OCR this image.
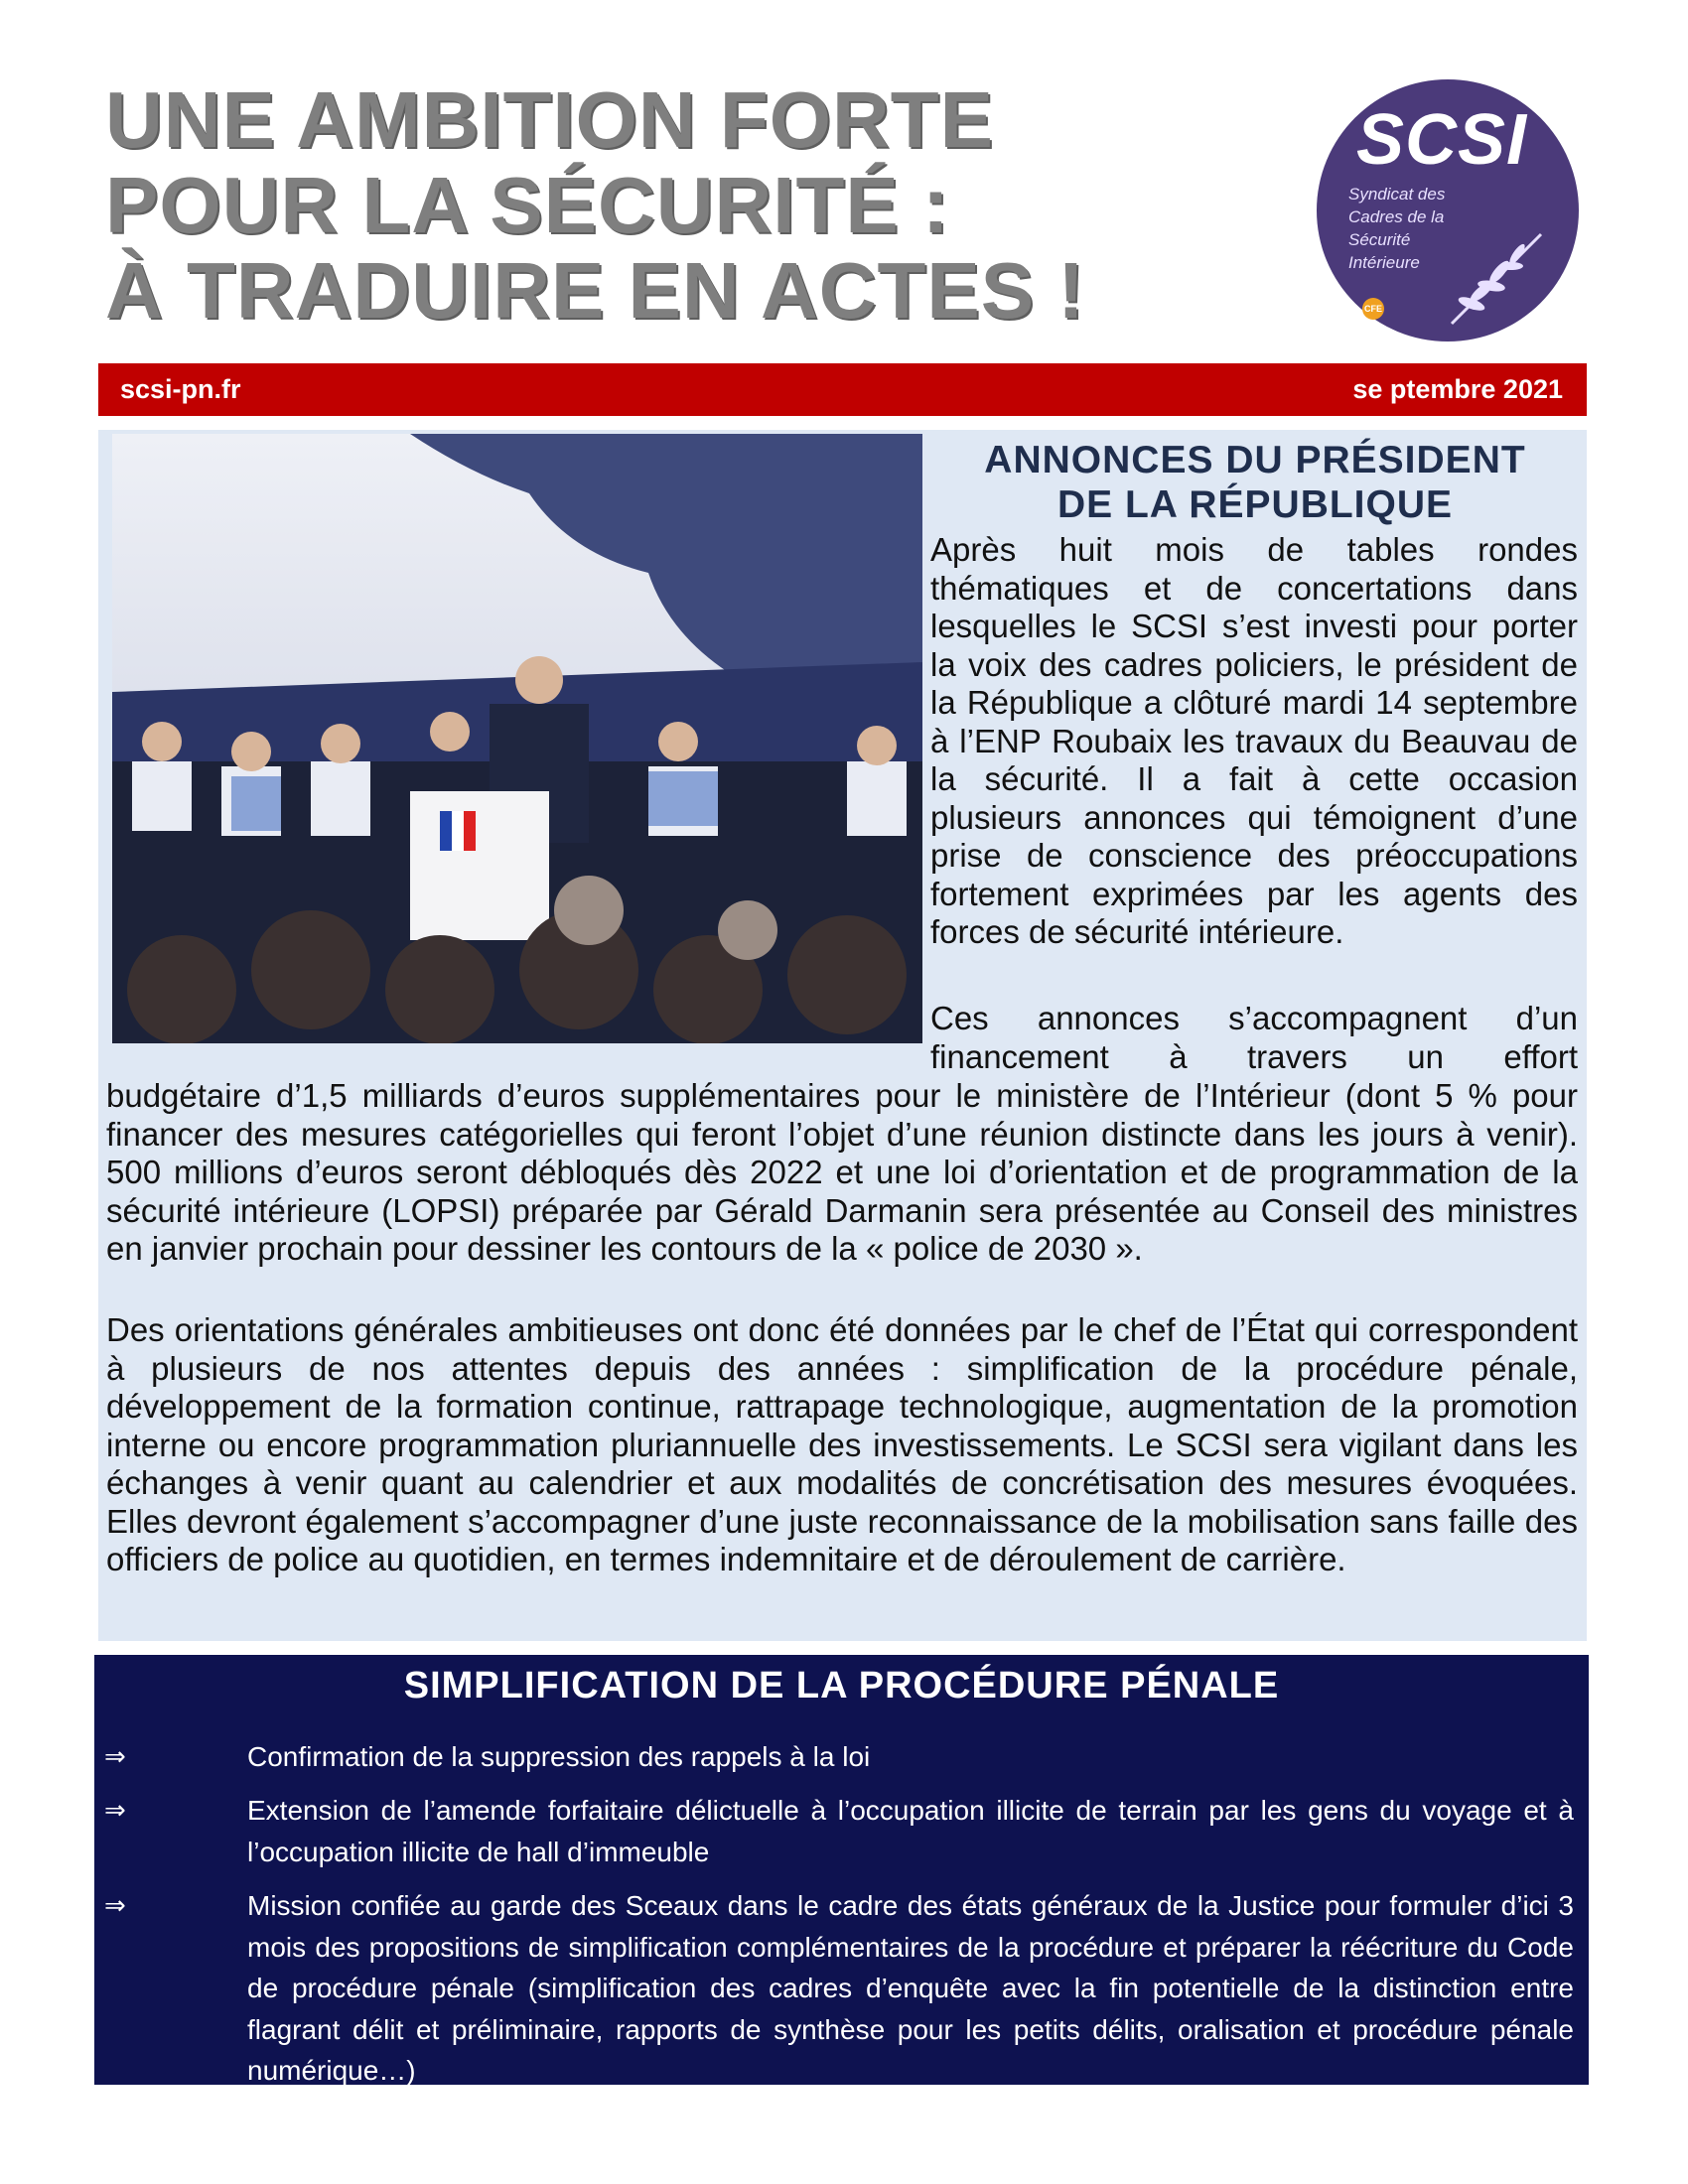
UNE AMBITION FORTE
POUR LA SÉCURITÉ :
À TRADUIRE EN ACTES !
SCSI
Syndicat des
Cadres de la
Sécurité
Intérieure
CFE
scsi-pn.fr	se ptembre 2021
ANNONCES DU PRÉSIDENT
DE LA RÉPUBLIQUE
Après huit mois de tables rondes thématiques et de concertations dans lesquelles le SCSI s’est investi pour porter la voix des cadres policiers, le président de la République a clôturé mardi 14 septembre à l’ENP Roubaix les travaux du Beauvau de la sécurité. Il a fait à cette occasion plusieurs annonces qui témoignent d’une prise de conscience des préoccupations fortement exprimées par les agents des forces de sécurité intérieure.
Ces annonces s’accompagnent d’un financement à travers un effort
budgétaire d’1,5 milliards d’euros supplémentaires pour le ministère de l’Intérieur (dont 5 % pour financer des mesures catégorielles qui feront l’objet d’une réunion distincte dans les jours à venir). 500 millions d’euros seront débloqués dès 2022 et une loi d’orientation et de programmation de la sécurité intérieure (LOPSI) préparée par Gérald Darmanin sera présentée au Conseil des ministres en janvier prochain pour dessiner les contours de la « police de 2030 ».
Des orientations générales ambitieuses ont donc été données par le chef de l’État qui correspondent à plusieurs de nos attentes depuis des années : simplification de la procédure pénale, développement de la formation continue, rattrapage technologique, augmentation de la promotion interne ou encore programmation pluriannuelle des investissements. Le SCSI sera vigilant dans les échanges à venir quant au calendrier et aux modalités de concrétisation des mesures évoquées. Elles devront également s’accompagner d’une juste reconnaissance de la mobilisation sans faille des officiers de police au quotidien, en termes indemnitaire et de déroulement de carrière.
SIMPLIFICATION DE LA PROCÉDURE PÉNALE
⇒	Confirmation de la suppression des rappels à la loi
⇒	Extension de l’amende forfaitaire délictuelle à l’occupation illicite de terrain par les gens du voyage et à l’occupation illicite de hall d’immeuble
⇒	Mission confiée au garde des Sceaux dans le cadre des états généraux de la Justice pour formuler d’ici 3 mois des propositions de simplification complémentaires de la procédure et préparer la réécriture du Code de procédure pénale (simplification des cadres d’enquête avec la fin potentielle de la distinction entre flagrant délit et préliminaire, rapports de synthèse pour les petits délits, oralisation et procédure pénale numérique…)
